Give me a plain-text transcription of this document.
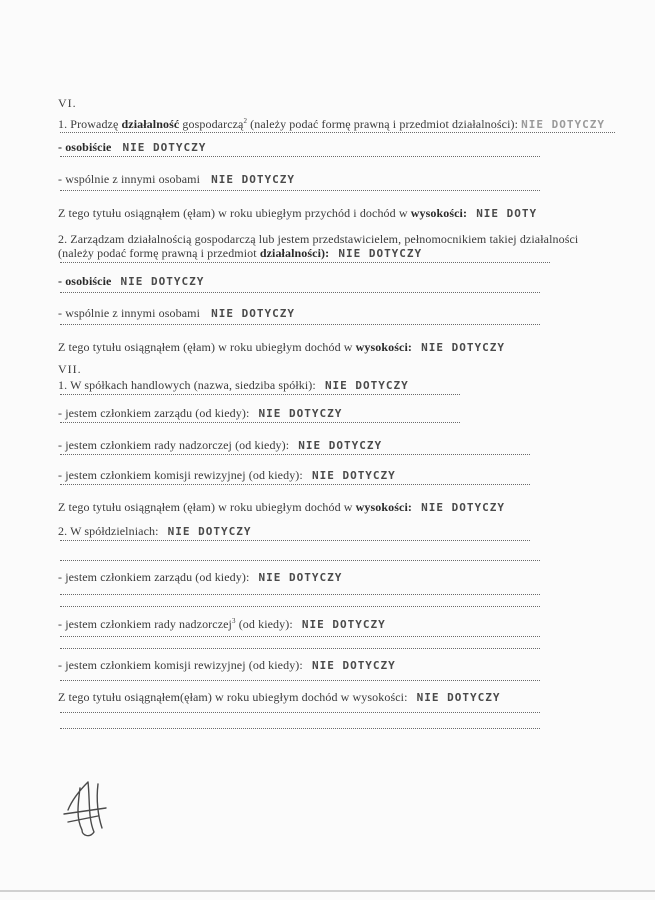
VI.
1. Prowadzę działalność gospodarczą$^2$ (należy podać formę prawną i przedmiot działalności): NIE DOTYCZY
- osobiście NIE DOTYCZY
- wspólnie z innymi osobami NIE DOTYCZY
Z tego tytułu osiągnąłem (ęłam) w roku ubiegłym przychód i dochód w wysokości: NIE DOTY
2. Zarządzam działalnością gospodarczą lub jestem przedstawicielem, pełnomocnikiem takiej działalności
(należy podać formę prawną i przedmiot działalności): NIE DOTYCZY
- osobiście NIE DOTYCZY
- wspólnie z innymi osobami NIE DOTYCZY
Z tego tytułu osiągnąłem (ęłam) w roku ubiegłym dochód w wysokości: NIE DOTYCZY
VII.
1. W spółkach handlowych (nazwa, siedziba spółki): NIE DOTYCZY
- jestem członkiem zarządu (od kiedy): NIE DOTYCZY
- jestem członkiem rady nadzorczej (od kiedy): NIE DOTYCZY
- jestem członkiem komisji rewizyjnej (od kiedy): NIE DOTYCZY
Z tego tytułu osiągnąłem (ęłam) w roku ubiegłym dochód w wysokości: NIE DOTYCZY
2. W spółdzielniach: NIE DOTYCZY
- jestem członkiem zarządu (od kiedy): NIE DOTYCZY
- jestem członkiem rady nadzorczej$^3$ (od kiedy): NIE DOTYCZY
- jestem członkiem komisji rewizyjnej (od kiedy): NIE DOTYCZY
Z tego tytułu osiągnąłem(ęłam) w roku ubiegłym dochód w wysokości: NIE DOTYCZY
